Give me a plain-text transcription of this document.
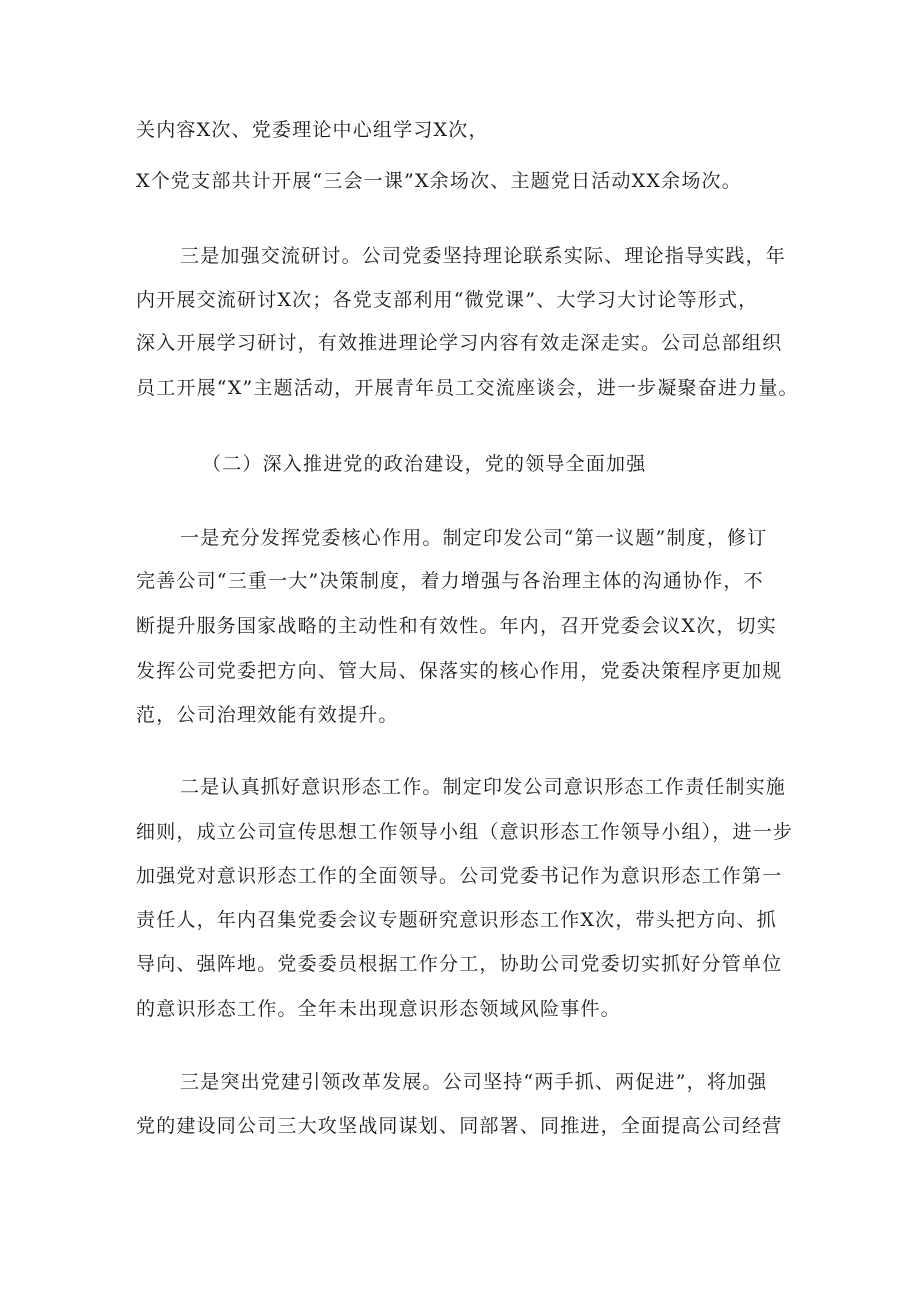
关内容X次、党委理论中心组学习X次，
X个党支部共计开展“三会一课”X余场次、主题党日活动XX余场次。
三是加强交流研讨。公司党委坚持理论联系实际、理论指导实践，年
内开展交流研讨X次；各党支部利用“微党课”、大学习大讨论等形式，
深入开展学习研讨，有效推进理论学习内容有效走深走实。公司总部组织
员工开展“X”主题活动，开展青年员工交流座谈会，进一步凝聚奋进力量。
（二）深入推进党的政治建设，党的领导全面加强
一是充分发挥党委核心作用。制定印发公司“第一议题”制度，修订
完善公司“三重一大”决策制度，着力增强与各治理主体的沟通协作，不
断提升服务国家战略的主动性和有效性。年内，召开党委会议X次，切实
发挥公司党委把方向、管大局、保落实的核心作用，党委决策程序更加规
范，公司治理效能有效提升。
二是认真抓好意识形态工作。制定印发公司意识形态工作责任制实施
细则，成立公司宣传思想工作领导小组（意识形态工作领导小组），进一步
加强党对意识形态工作的全面领导。公司党委书记作为意识形态工作第一
责任人，年内召集党委会议专题研究意识形态工作X次，带头把方向、抓
导向、强阵地。党委委员根据工作分工，协助公司党委切实抓好分管单位
的意识形态工作。全年未出现意识形态领域风险事件。
三是突出党建引领改革发展。公司坚持“两手抓、两促进”，将加强
党的建设同公司三大攻坚战同谋划、同部署、同推进，全面提高公司经营
